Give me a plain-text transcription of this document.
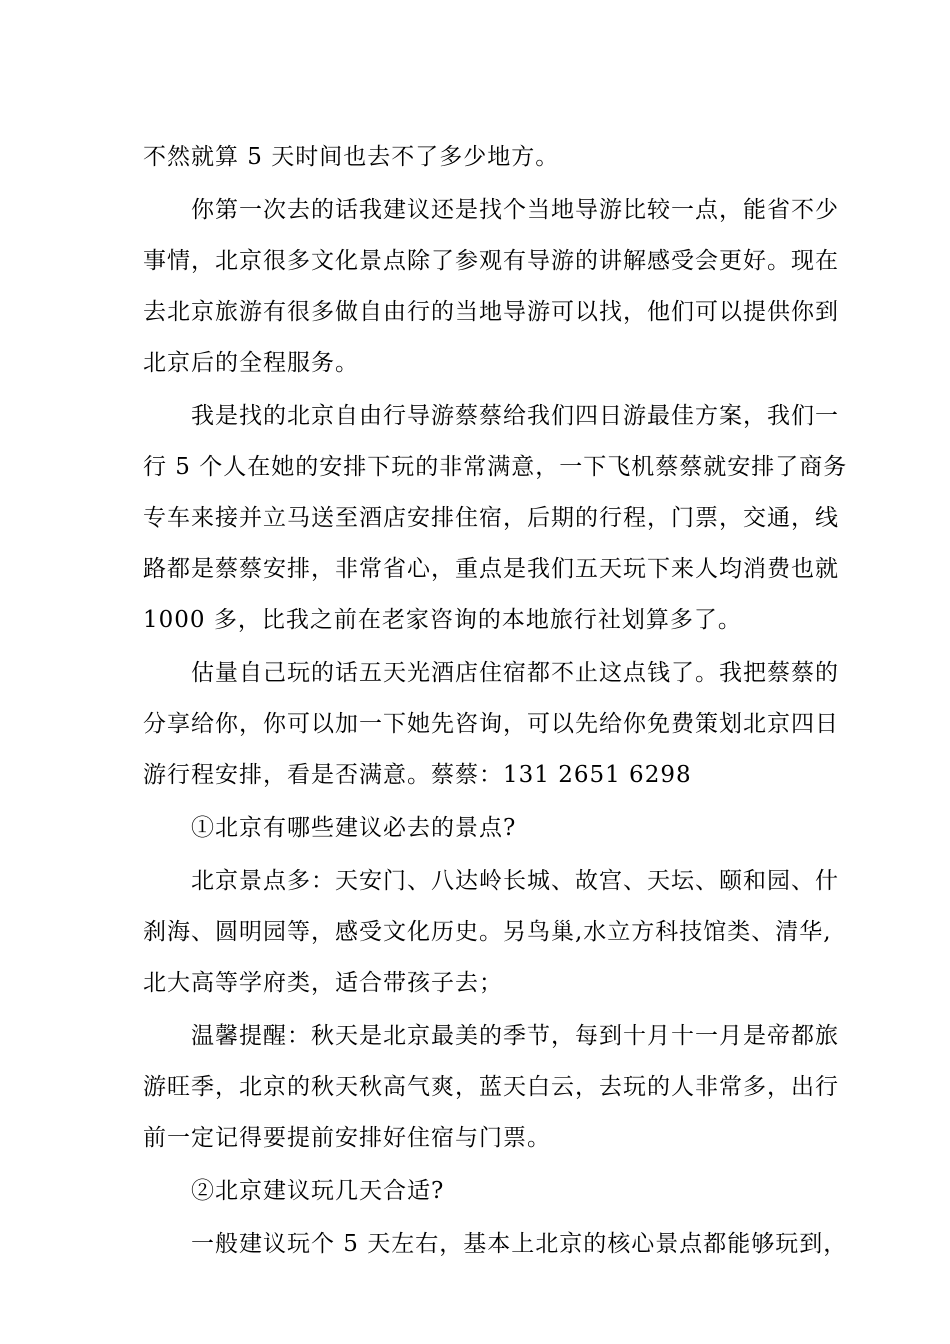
不然就算 5 天时间也去不了多少地方。
你第一次去的话我建议还是找个当地导游比较一点，能省不少
事情，北京很多文化景点除了参观有导游的讲解感受会更好。现在
去北京旅游有很多做自由行的当地导游可以找，他们可以提供你到
北京后的全程服务。
我是找的北京自由行导游蔡蔡给我们四日游最佳方案，我们一
行 5 个人在她的安排下玩的非常满意，一下飞机蔡蔡就安排了商务
专车来接并立马送至酒店安排住宿，后期的行程，门票，交通，线
路都是蔡蔡安排，非常省心，重点是我们五天玩下来人均消费也就
1000 多，比我之前在老家咨询的本地旅行社划算多了。
估量自己玩的话五天光酒店住宿都不止这点钱了。我把蔡蔡的
分享给你，你可以加一下她先咨询，可以先给你免费策划北京四日
游行程安排，看是否满意。蔡蔡：131 2651 6298
①北京有哪些建议必去的景点?
北京景点多：天安门、八达岭长城、故宫、天坛、颐和园、什
刹海、圆明园等，感受文化历史。另鸟巢,水立方科技馆类、清华,
北大高等学府类，适合带孩子去；
温馨提醒：秋天是北京最美的季节，每到十月十一月是帝都旅
游旺季，北京的秋天秋高气爽，蓝天白云，去玩的人非常多，出行
前一定记得要提前安排好住宿与门票。
②北京建议玩几天合适?
一般建议玩个 5 天左右，基本上北京的核心景点都能够玩到，
